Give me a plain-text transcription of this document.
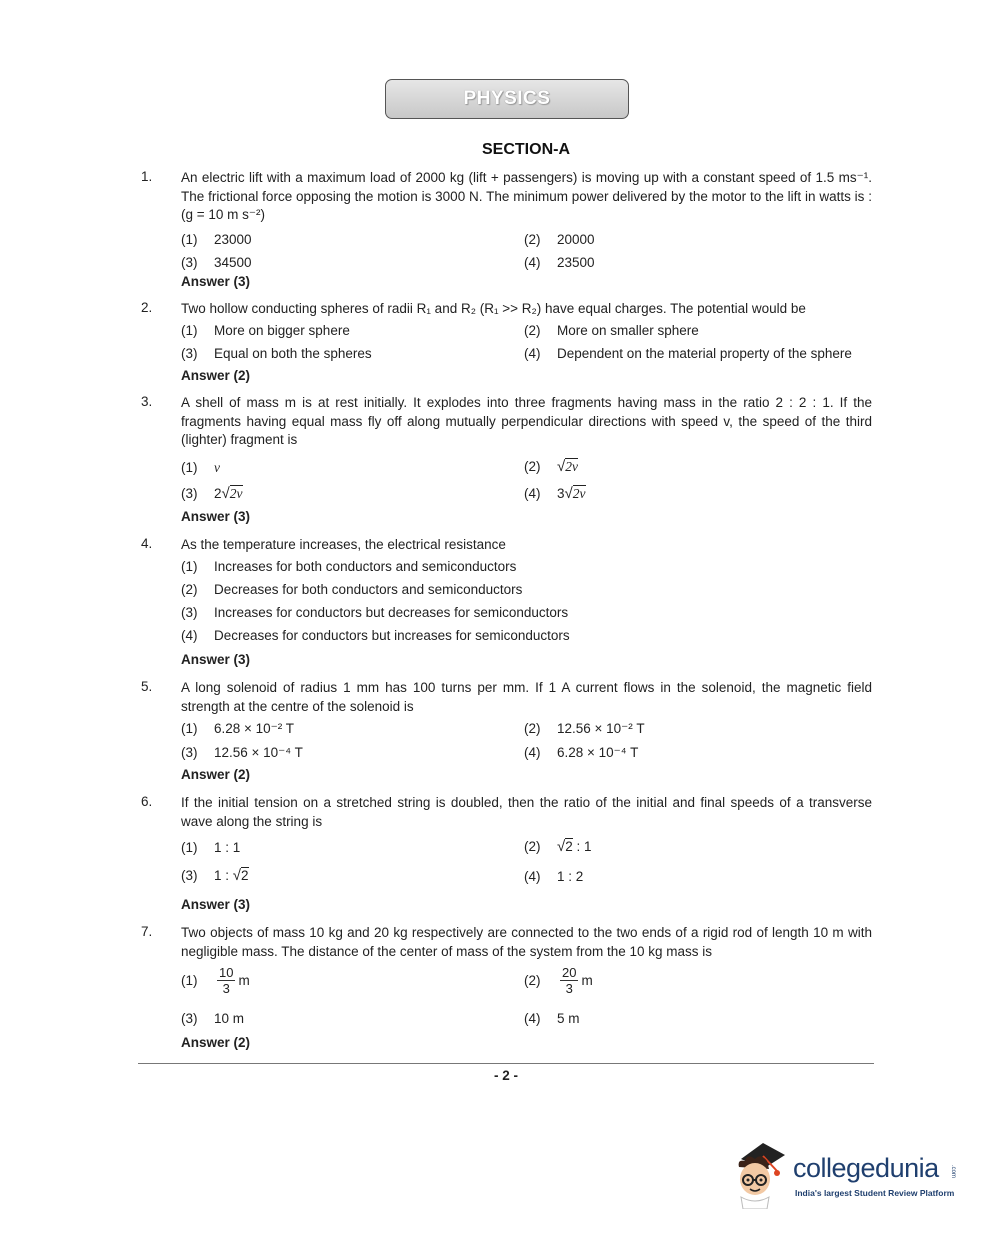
PHYSICS
SECTION-A
1. An electric lift with a maximum load of 2000 kg (lift + passengers) is moving up with a constant speed of 1.5 ms⁻¹. The frictional force opposing the motion is 3000 N. The minimum power delivered by the motor to the lift in watts is : (g = 10 m s⁻²)
(1) 23000	(2) 20000
(3) 34500	(4) 23500
Answer (3)
2. Two hollow conducting spheres of radii R₁ and R₂ (R₁ >> R₂) have equal charges. The potential would be
(1) More on bigger sphere	(2) More on smaller sphere
(3) Equal on both the spheres	(4) Dependent on the material property of the sphere
Answer (2)
3. A shell of mass m is at rest initially. It explodes into three fragments having mass in the ratio 2 : 2 : 1. If the fragments having equal mass fly off along mutually perpendicular directions with speed v, the speed of the third (lighter) fragment is
(1) v	(2) √2v
(3) 2√2v	(4) 3√2v
Answer (3)
4. As the temperature increases, the electrical resistance
(1) Increases for both conductors and semiconductors
(2) Decreases for both conductors and semiconductors
(3) Increases for conductors but decreases for semiconductors
(4) Decreases for conductors but increases for semiconductors
Answer (3)
5. A long solenoid of radius 1 mm has 100 turns per mm. If 1 A current flows in the solenoid, the magnetic field strength at the centre of the solenoid is
(1) 6.28 × 10⁻² T	(2) 12.56 × 10⁻² T
(3) 12.56 × 10⁻⁴ T	(4) 6.28 × 10⁻⁴ T
Answer (2)
6. If the initial tension on a stretched string is doubled, then the ratio of the initial and final speeds of a transverse wave along the string is
(1) 1 : 1	(2) √2 : 1
(3) 1 : √2	(4) 1 : 2
Answer (3)
7. Two objects of mass 10 kg and 20 kg respectively are connected to the two ends of a rigid rod of length 10 m with negligible mass. The distance of the center of mass of the system from the 10 kg mass is
$(1) \frac{10}{3}$ m	$(2) \frac{20}{3}$ m
(3) 10 m	(4) 5 m
Answer (2)
- 2 -
collegedunia .com
India's largest Student Review Platform
